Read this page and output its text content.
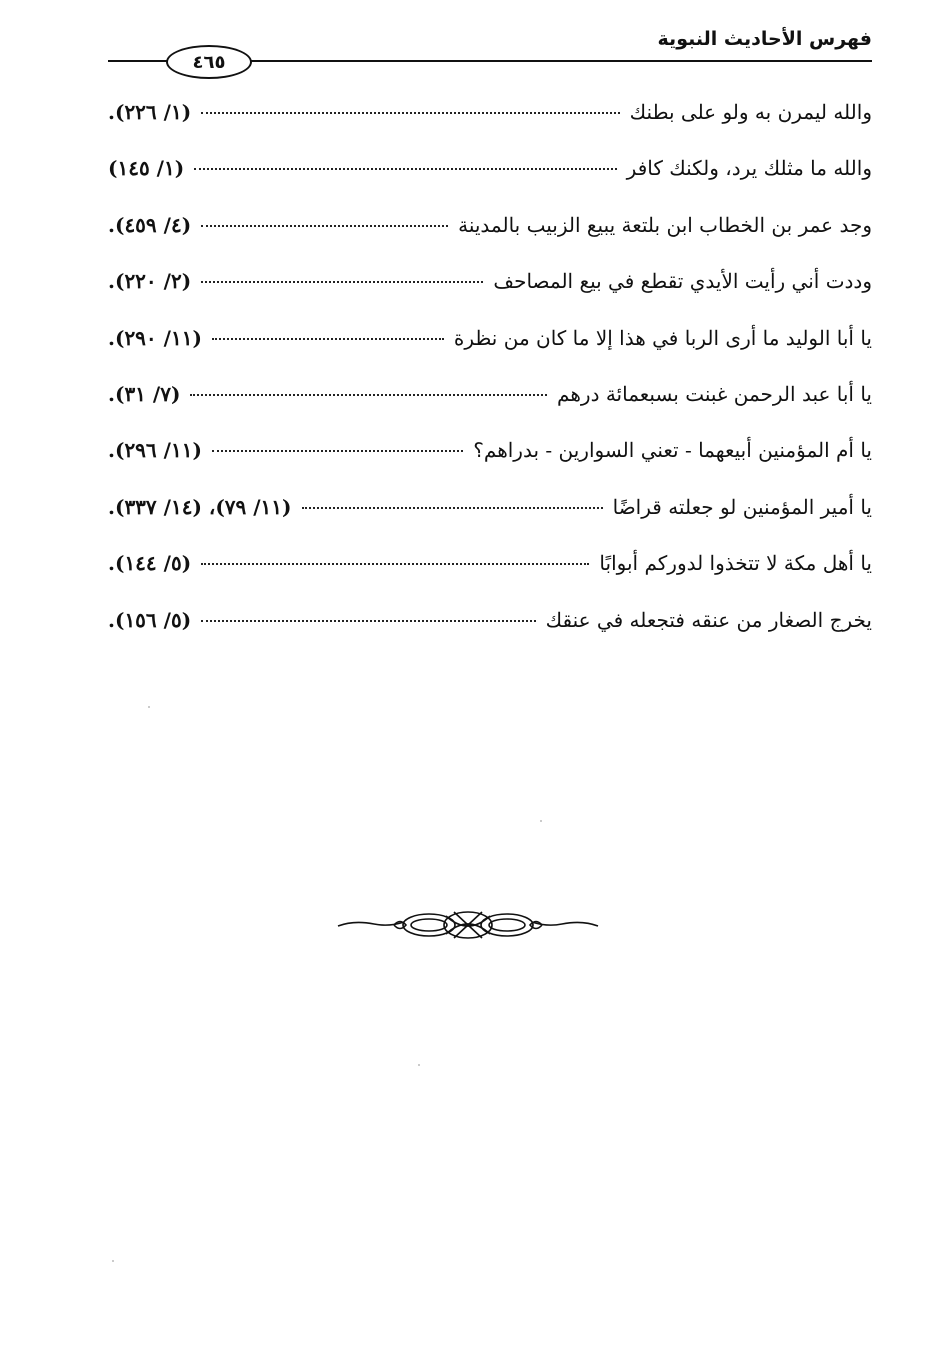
فهرس الأحاديث النبوية
٤٦٥
والله ليمرن به ولو على بطنك
(١/ ٢٢٦).
والله ما مثلك يرد، ولكنك كافر
(١/ ١٤٥)
وجد عمر بن الخطاب ابن بلتعة يبيع الزبيب بالمدينة
(٤/ ٤٥٩).
وددت أني رأيت الأيدي تقطع في بيع المصاحف
(٢/ ٢٢٠).
يا أبا الوليد ما أرى الربا في هذا إلا ما كان من نظرة
(١١/ ٢٩٠).
يا أبا عبد الرحمن غبنت بسبعمائة درهم
(٧/ ٣١).
يا أم المؤمنين أبيعهما - تعني السوارين - بدراهم؟
(١١/ ٢٩٦).
يا أمير المؤمنين لو جعلته قراضًا
(١١/ ٧٩)، (١٤/ ٣٣٧).
يا أهل مكة لا تتخذوا لدوركم أبوابًا
(٥/ ١٤٤).
يخرج الصغار من عنقه فتجعله في عنقك
(٥/ ١٥٦).
